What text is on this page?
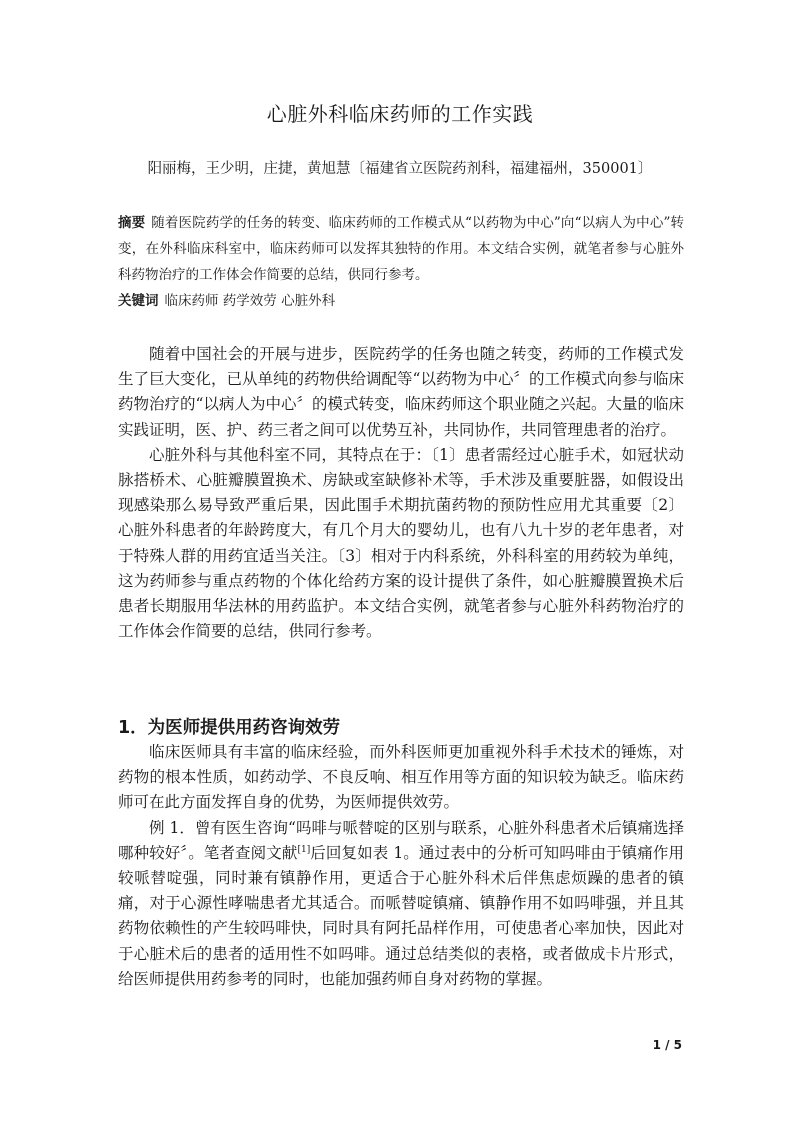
心脏外科临床药师的工作实践
阳丽梅，王少明，庄捷，黄旭慧〔福建省立医院药剂科，福建福州，350001〕
摘要 随着医院药学的任务的转变、临床药师的工作模式从“以药物为中心”向“以病人为中心”转变，在外科临床科室中，临床药师可以发挥其独特的作用。本文结合实例，就笔者参与心脏外科药物治疗的工作体会作简要的总结，供同行参考。
关键词 临床药师 药学效劳 心脏外科

随着中国社会的开展与进步，医院药学的任务也随之转变，药师的工作模式发生了巨大变化，已从单纯的药物供给调配等“以药物为中心〞的工作模式向参与临床药物治疗的“以病人为中心〞的模式转变，临床药师这个职业随之兴起。大量的临床实践证明，医、护、药三者之间可以优势互补，共同协作，共同管理患者的治疗。

心脏外科与其他科室不同，其特点在于：〔1〕患者需经过心脏手术，如冠状动脉搭桥术、心脏瓣膜置换术、房缺或室缺修补术等，手术涉及重要脏器，如假设出现感染那么易导致严重后果，因此围手术期抗菌药物的预防性应用尤其重要〔2〕心脏外科患者的年龄跨度大，有几个月大的婴幼儿，也有八九十岁的老年患者，对于特殊人群的用药宜适当关注。〔3〕相对于内科系统，外科科室的用药较为单纯，这为药师参与重点药物的个体化给药方案的设计提供了条件，如心脏瓣膜置换术后患者长期服用华法林的用药监护。本文结合实例，就笔者参与心脏外科药物治疗的工作体会作简要的总结，供同行参考。

1．为医师提供用药咨询效劳

临床医师具有丰富的临床经验，而外科医师更加重视外科手术技术的锤炼，对药物的根本性质，如药动学、不良反响、相互作用等方面的知识较为缺乏。临床药师可在此方面发挥自身的优势，为医师提供效劳。

例 1．曾有医生咨询“吗啡与哌替啶的区别与联系，心脏外科患者术后镇痛选择哪种较好〞。笔者查阅文献[1]后回复如表 1。通过表中的分析可知吗啡由于镇痛作用较哌替啶强，同时兼有镇静作用，更适合于心脏外科术后伴焦虑烦躁的患者的镇痛，对于心源性哮喘患者尤其适合。而哌替啶镇痛、镇静作用不如吗啡强，并且其药物依赖性的产生较吗啡快，同时具有阿托品样作用，可使患者心率加快，因此对于心脏术后的患者的适用性不如吗啡。通过总结类似的表格，或者做成卡片形式，给医师提供用药参考的同时，也能加强药师自身对药物的掌握。

1 / 5
